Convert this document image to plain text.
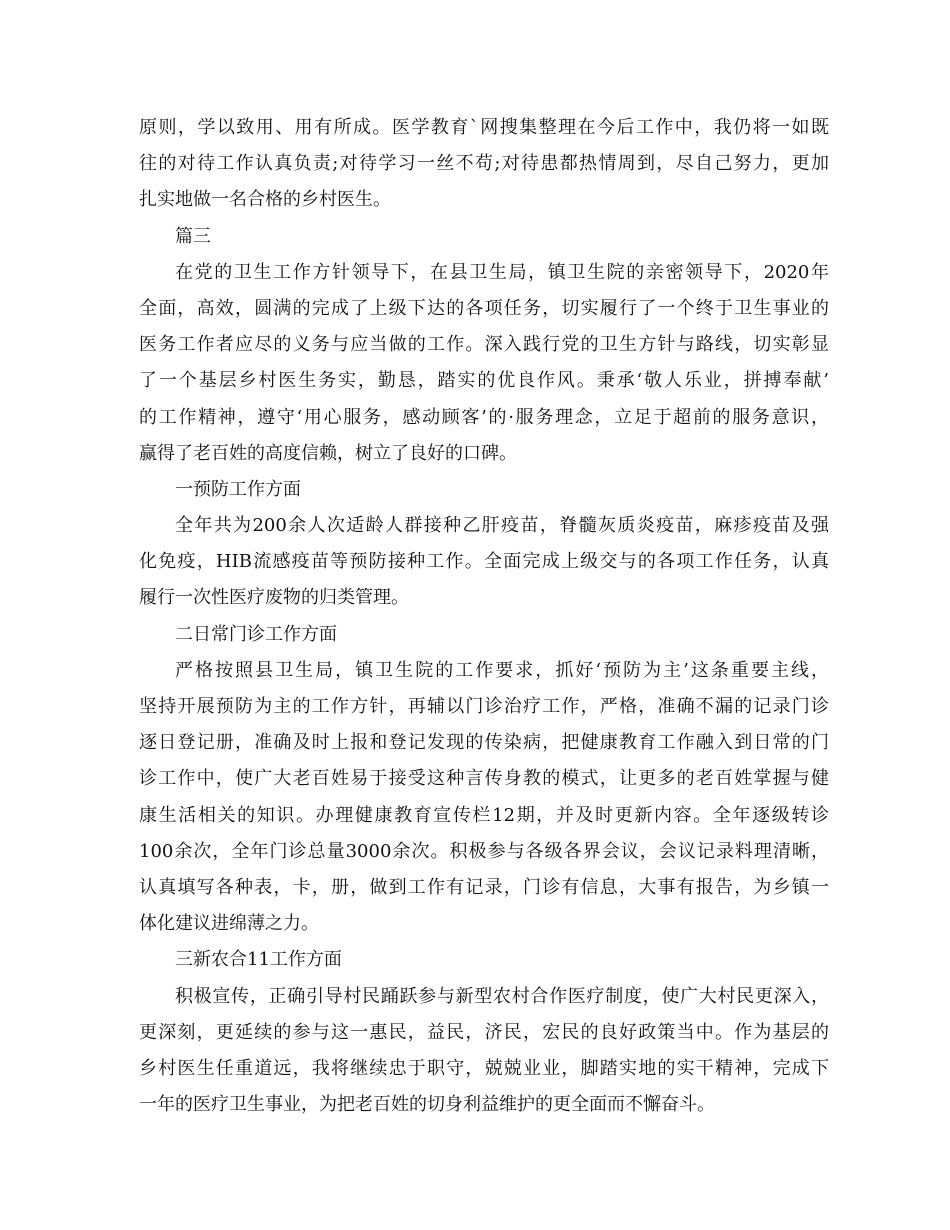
原则，学以致用、用有所成。医学教育`网搜集整理在今后工作中，我仍将一如既
往的对待工作认真负责;对待学习一丝不苟;对待患都热情周到，尽自己努力，更加
扎实地做一名合格的乡村医生。
篇三
在党的卫生工作方针领导下，在县卫生局，镇卫生院的亲密领导下，2020年
全面，高效，圆满的完成了上级下达的各项任务，切实履行了一个终于卫生事业的
医务工作者应尽的义务与应当做的工作。深入践行党的卫生方针与路线，切实彰显
了一个基层乡村医生务实，勤恳，踏实的优良作风。秉承‘敬人乐业，拼搏奉献’
的工作精神，遵守‘用心服务，感动顾客’的·服务理念，立足于超前的服务意识，
赢得了老百姓的高度信赖，树立了良好的口碑。
一预防工作方面
全年共为200余人次适龄人群接种乙肝疫苗，脊髓灰质炎疫苗，麻疹疫苗及强
化免疫，HIB流感疫苗等预防接种工作。全面完成上级交与的各项工作任务，认真
履行一次性医疗废物的归类管理。
二日常门诊工作方面
严格按照县卫生局，镇卫生院的工作要求，抓好‘预防为主’这条重要主线，
坚持开展预防为主的工作方针，再辅以门诊治疗工作，严格，准确不漏的记录门诊
逐日登记册，准确及时上报和登记发现的传染病，把健康教育工作融入到日常的门
诊工作中，使广大老百姓易于接受这种言传身教的模式，让更多的老百姓掌握与健
康生活相关的知识。办理健康教育宣传栏12期，并及时更新内容。全年逐级转诊
100余次，全年门诊总量3000余次。积极参与各级各界会议，会议记录料理清晰，
认真填写各种表，卡，册，做到工作有记录，门诊有信息，大事有报告，为乡镇一
体化建议进绵薄之力。
三新农合11工作方面
积极宣传，正确引导村民踊跃参与新型农村合作医疗制度，使广大村民更深入，
更深刻，更延续的参与这一惠民，益民，济民，宏民的良好政策当中。作为基层的
乡村医生任重道远，我将继续忠于职守，兢兢业业，脚踏实地的实干精神，完成下
一年的医疗卫生事业，为把老百姓的切身利益维护的更全面而不懈奋斗。
